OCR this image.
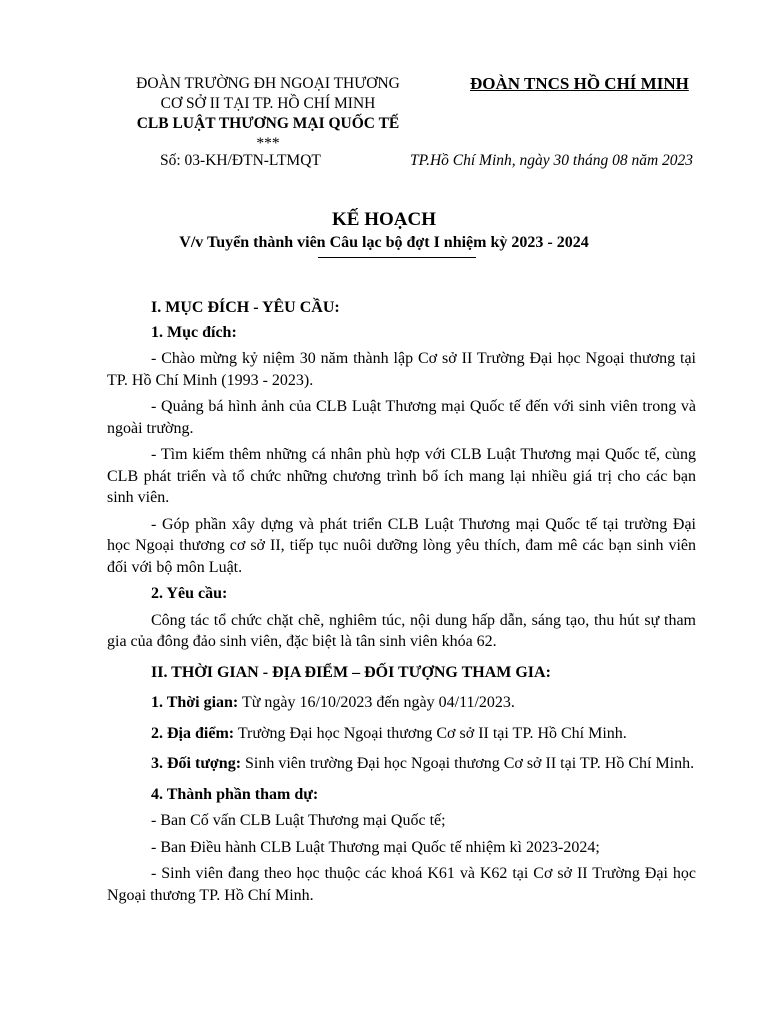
ĐOÀN TRƯỜNG ĐH NGOẠI THƯƠNG
CƠ SỞ II TẠI TP. HỒ CHÍ MINH
CLB LUẬT THƯƠNG MẠI QUỐC TẾ
***
ĐOÀN TNCS HỒ CHÍ MINH
Số: 03-KH/ĐTN-LTMQT	TP.Hồ Chí Minh, ngày 30 tháng 08 năm 2023
KẾ HOẠCH
V/v Tuyển thành viên Câu lạc bộ đợt I nhiệm kỳ 2023 - 2024

I. MỤC ĐÍCH - YÊU CẦU:

1. Mục đích:

- Chào mừng kỷ niệm 30 năm thành lập Cơ sở II Trường Đại học Ngoại thương tại TP. Hồ Chí Minh (1993 - 2023).

- Quảng bá hình ảnh của CLB Luật Thương mại Quốc tế đến với sinh viên trong và ngoài trường.

- Tìm kiếm thêm những cá nhân phù hợp với CLB Luật Thương mại Quốc tế, cùng CLB phát triển và tổ chức những chương trình bổ ích mang lại nhiều giá trị cho các bạn sinh viên.

- Góp phần xây dựng và phát triển CLB Luật Thương mại Quốc tế tại trường Đại học Ngoại thương cơ sở II, tiếp tục nuôi dưỡng lòng yêu thích, đam mê các bạn sinh viên đối với bộ môn Luật.

2. Yêu cầu:

Công tác tổ chức chặt chẽ, nghiêm túc, nội dung hấp dẫn, sáng tạo, thu hút sự tham gia của đông đảo sinh viên, đặc biệt là tân sinh viên khóa 62.

II. THỜI GIAN - ĐỊA ĐIỂM – ĐỐI TƯỢNG THAM GIA:

1. Thời gian: Từ ngày 16/10/2023 đến ngày 04/11/2023.

2. Địa điểm: Trường Đại học Ngoại thương Cơ sở II tại TP. Hồ Chí Minh.

3. Đối tượng: Sinh viên trường Đại học Ngoại thương Cơ sở II tại TP. Hồ Chí Minh.

4. Thành phần tham dự:

- Ban Cố vấn CLB Luật Thương mại Quốc tế;

- Ban Điều hành CLB Luật Thương mại Quốc tế nhiệm kì 2023-2024;

- Sinh viên đang theo học thuộc các khoá K61 và K62 tại Cơ sở II Trường Đại học Ngoại thương TP. Hồ Chí Minh.
